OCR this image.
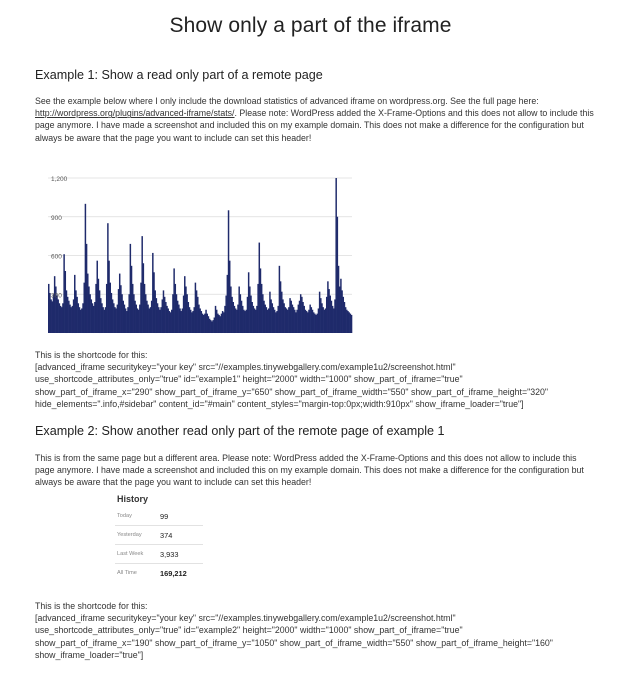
Show only a part of the iframe
Example 1: Show a read only part of a remote page
See the example below where I only include the download statistics of advanced iframe on wordpress.org. See the full page here:
http://wordpress.org/plugins/advanced-iframe/stats/. Please note: WordPress added the X-Frame-Options and this does not allow to include this page anymore. I have made a screenshot and included this on my example domain. This does not make a difference for the configuration but always be aware that the page you want to include can set this header!
300
600
900
1,200
This is the shortcode for this:
[advanced_iframe securitykey="your key" src="//examples.tinywebgallery.com/example1u2/screenshot.html"
use_shortcode_attributes_only="true" id="example1" height="2000" width="1000" show_part_of_iframe="true"
show_part_of_iframe_x="290" show_part_of_iframe_y="650" show_part_of_iframe_width="550" show_part_of_iframe_height="320"
hide_elements=".info,#sidebar" content_id="#main" content_styles="margin-top:0px;width:910px" show_iframe_loader="true"]
Example 2: Show another read only part of the remote page of example 1
This is from the same page but a different area. Please note: WordPress added the X-Frame-Options and this does not allow to include this page anymore. I have made a screenshot and included this on my example domain. This does not make a difference for the configuration but always be aware that the page you want to include can set this header!
History
Today	99
Yesterday	374
Last Week	3,933
All Time	169,212
This is the shortcode for this:
[advanced_iframe securitykey="your key" src="//examples.tinywebgallery.com/example1u2/screenshot.html"
use_shortcode_attributes_only="true" id="example2" height="2000" width="1000" show_part_of_iframe="true"
show_part_of_iframe_x="190" show_part_of_iframe_y="1050" show_part_of_iframe_width="550" show_part_of_iframe_height="160"
show_iframe_loader="true"]
